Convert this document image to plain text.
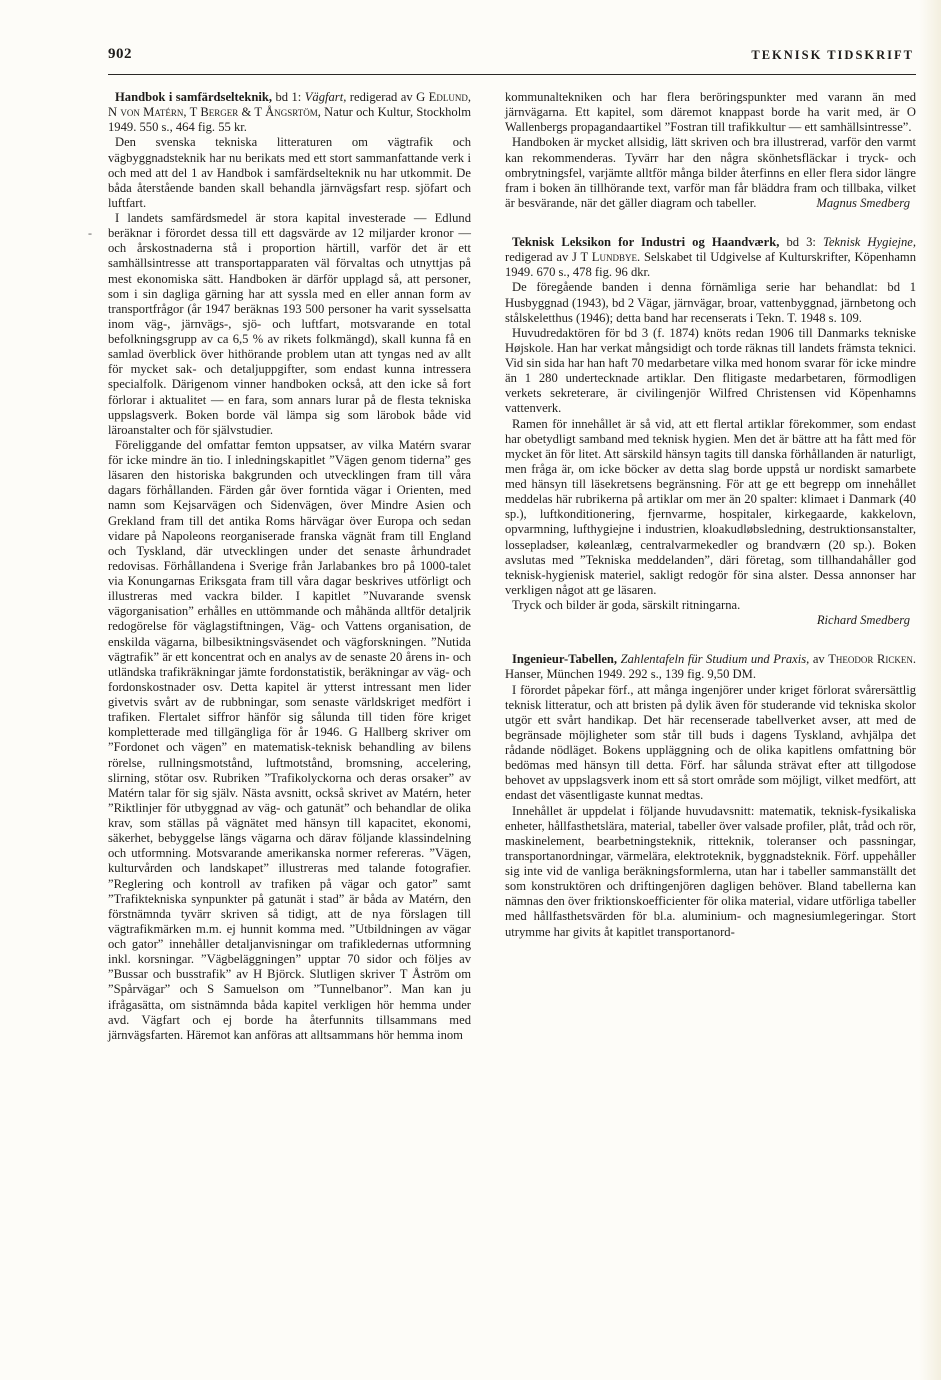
902	TEKNISK TIDSKRIFT
-

Handbok i samfärdselteknik, bd 1: Vägfart, redigerad av G Edlund, N von Matérn, T Berger & T Ångsrtöm, Natur och Kultur, Stockholm 1949. 550 s., 464 fig. 55 kr.

Den svenska tekniska litteraturen om vägtrafik och vägbyggnadsteknik har nu berikats med ett stort sammanfattande verk i och med att del 1 av Handbok i samfärdselteknik nu har utkommit. De båda återstående banden skall behandla järnvägsfart resp. sjöfart och luftfart.

I landets samfärdsmedel är stora kapital investerade — Edlund beräknar i förordet dessa till ett dagsvärde av 12 miljarder kronor — och årskostnaderna stå i proportion härtill, varför det är ett samhällsintresse att transportapparaten väl förvaltas och utnyttjas på mest ekonomiska sätt. Handboken är därför upplagd så, att personer, som i sin dagliga gärning har att syssla med en eller annan form av transportfrågor (år 1947 beräknas 193 500 personer ha varit sysselsatta inom väg-, järnvägs-, sjö- och luftfart, motsvarande en total befolkningsgrupp av ca 6,5 % av rikets folkmängd), skall kunna få en samlad överblick över hithörande problem utan att tyngas ned av allt för mycket sak- och detaljuppgifter, som endast kunna intressera specialfolk. Därigenom vinner handboken också, att den icke så fort förlorar i aktualitet — en fara, som annars lurar på de flesta tekniska uppslagsverk. Boken borde väl lämpa sig som lärobok både vid läroanstalter och för självstudier.

Föreliggande del omfattar femton uppsatser, av vilka Matérn svarar för icke mindre än tio. I inledningskapitlet ”Vägen genom tiderna” ges läsaren den historiska bakgrunden och utvecklingen fram till våra dagars förhållanden. Färden går över forntida vägar i Orienten, med namn som Kejsarvägen och Sidenvägen, över Mindre Asien och Grekland fram till det antika Roms härvägar över Europa och sedan vidare på Napoleons reorganiserade franska vägnät fram till England och Tyskland, där utvecklingen under det senaste århundradet redovisas. Förhållandena i Sverige från Jarlabankes bro på 1000-talet via Konungarnas Eriksgata fram till våra dagar beskrives utförligt och illustreras med vackra bilder. I kapitlet ”Nuvarande svensk vägorganisation” erhålles en uttömmande och måhända alltför detaljrik redogörelse för väglagstiftningen, Väg- och Vattens organisation, de enskilda vägarna, bilbesiktningsväsendet och vägforskningen. ”Nutida vägtrafik” är ett koncentrat och en analys av de senaste 20 årens in- och utländska trafikräkningar jämte fordonstatistik, beräkningar av väg- och fordonskostnader osv. Detta kapitel är ytterst intressant men lider givetvis svårt av de rubbningar, som senaste världskriget medfört i trafiken. Flertalet siffror hänför sig sålunda till tiden före kriget kompletterade med tillgängliga för år 1946. G Hallberg skriver om ”Fordonet och vägen” en matematisk-teknisk behandling av bilens rörelse, rullningsmotstånd, luftmotstånd, bromsning, accelering, slirning, stötar osv. Rubriken ”Trafikolyckorna och deras orsaker” av Matérn talar för sig själv. Nästa avsnitt, också skrivet av Matérn, heter ”Riktlinjer för utbyggnad av väg- och gatunät” och behandlar de olika krav, som ställas på vägnätet med hänsyn till kapacitet, ekonomi, säkerhet, bebyggelse längs vägarna och därav följande klassindelning och utformning. Motsvarande amerikanska normer refereras. ”Vägen, kulturvården och landskapet” illustreras med talande fotografier. ”Reglering och kontroll av trafiken på vägar och gator” samt ”Trafiktekniska synpunkter på gatunät i stad” är båda av Matérn, den förstnämnda tyvärr skriven så tidigt, att de nya förslagen till vägtrafikmärken m.m. ej hunnit komma med. ”Utbildningen av vägar och gator” innehåller detaljanvisningar om trafikledernas utformning inkl. korsningar. ”Vägbeläggningen” upptar 70 sidor och följes av ”Bussar och busstrafik” av H Björck. Slutligen skriver T Åström om ”Spårvägar” och S Samuelson om ”Tunnelbanor”. Man kan ju ifrågasätta, om sistnämnda båda kapitel verkligen hör hemma under avd. Vägfart och ej borde ha återfunnits tillsammans med järnvägsfarten. Häremot kan anföras att alltsammans hör hemma inom

kommunaltekniken och har flera beröringspunkter med varann än med järnvägarna. Ett kapitel, som däremot knappast borde ha varit med, är O Wallenbergs propagandaartikel ”Fostran till trafikkultur — ett samhällsintresse”.

Handboken är mycket allsidig, lätt skriven och bra illustrerad, varför den varmt kan rekommenderas. Tyvärr har den några skönhetsfläckar i tryck- och ombrytningsfel, varjämte alltför många bilder återfinns en eller flera sidor längre fram i boken än tillhörande text, varför man får bläddra fram och tillbaka, vilket är besvärande, när det gäller diagram och tabeller.	Magnus Smedberg

Teknisk Leksikon for Industri og Haandværk, bd 3: Teknisk Hygiejne, redigerad av J T Lundbye. Selskabet til Udgivelse af Kulturskrifter, Köpenhamn 1949. 670 s., 478 fig. 96 dkr.

De föregående banden i denna förnämliga serie har behandlat: bd 1 Husbyggnad (1943), bd 2 Vägar, järnvägar, broar, vattenbyggnad, järnbetong och stålskeletthus (1946); detta band har recenserats i Tekn. T. 1948 s. 109.

Huvudredaktören för bd 3 (f. 1874) knöts redan 1906 till Danmarks tekniske Højskole. Han har verkat mångsidigt och torde räknas till landets främsta teknici. Vid sin sida har han haft 70 medarbetare vilka med honom svarar för icke mindre än 1 280 undertecknade artiklar. Den flitigaste medarbetaren, förmodligen verkets sekreterare, är civilingenjör Wilfred Christensen vid Köpenhamns vattenverk.

Ramen för innehållet är så vid, att ett flertal artiklar förekommer, som endast har obetydligt samband med teknisk hygien. Men det är bättre att ha fått med för mycket än för litet. Att särskild hänsyn tagits till danska förhållanden är naturligt, men fråga är, om icke böcker av detta slag borde uppstå ur nordiskt samarbete med hänsyn till läsekretsens begränsning. För att ge ett begrepp om innehållet meddelas här rubrikerna på artiklar om mer än 20 spalter: klimaet i Danmark (40 sp.), luftkonditionering, fjernvarme, hospitaler, kirkegaarde, kakkelovn, opvarmning, lufthygiejne i industrien, kloakudløbsledning, destruktionsanstalter, lossepladser, køleanlæg, centralvarmekedler og brandværn (20 sp.). Boken avslutas med ”Tekniska meddelanden”, däri företag, som tillhandahåller god teknisk-hygienisk materiel, sakligt redogör för sina alster. Dessa annonser har verkligen något att ge läsaren.

Tryck och bilder är goda, särskilt ritningarna.

Richard Smedberg

Ingenieur-Tabellen, Zahlentafeln für Studium und Praxis, av Theodor Ricken. Hanser, München 1949. 292 s., 139 fig. 9,50 DM.

I förordet påpekar förf., att många ingenjörer under kriget förlorat svårersättlig teknisk litteratur, och att bristen på dylik även för studerande vid tekniska skolor utgör ett svårt handikap. Det här recenserade tabellverket avser, att med de begränsade möjligheter som står till buds i dagens Tyskland, avhjälpa det rådande nödläget. Bokens uppläggning och de olika kapitlens omfattning bör bedömas med hänsyn till detta. Förf. har sålunda strävat efter att tillgodose behovet av uppslagsverk inom ett så stort område som möjligt, vilket medfört, att endast det väsentligaste kunnat medtas.

Innehållet är uppdelat i följande huvudavsnitt: matematik, teknisk-fysikaliska enheter, hållfasthetslära, material, tabeller över valsade profiler, plåt, tråd och rör, maskinelement, bearbetningsteknik, ritteknik, toleranser och passningar, transportanordningar, värmelära, elektroteknik, byggnadsteknik. Förf. uppehåller sig inte vid de vanliga beräkningsformlerna, utan har i tabeller sammanställt det som konstruktören och driftingenjören dagligen behöver. Bland tabellerna kan nämnas den över friktionskoefficienter för olika material, vidare utförliga tabeller med hållfasthetsvärden för bl.a. aluminium- och magnesiumlegeringar. Stort utrymme har givits åt kapitlet transportanord-
